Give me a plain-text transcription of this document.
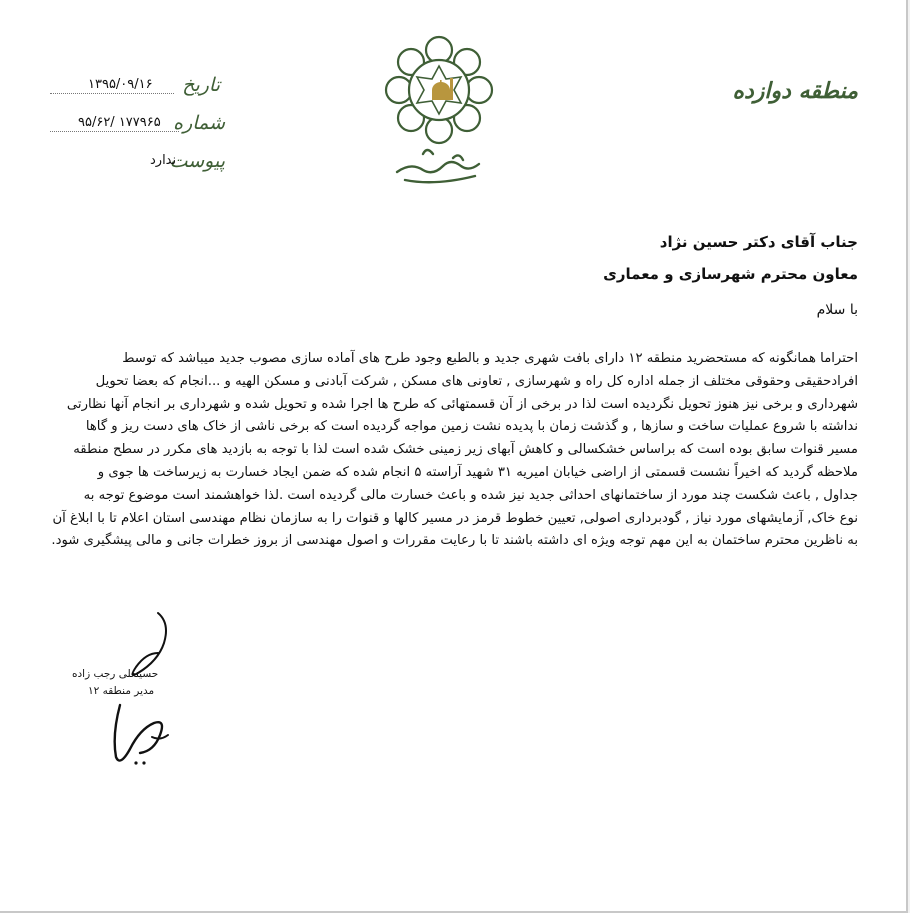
منطقه دوازده
شهرداری مشهد
تاریخ
۱۳۹۵/۰۹/۱۶
شماره
۹۵/۶۲/ ۱۷۷۹۶۵
پیوست
ندارد
جناب آقای دکتر حسین نژاد
معاون محترم شهرسازی و معماری
با سلام

احتراما همانگونه که مستحضرید منطقه ۱۲ دارای بافت شهری جدید و بالطبع وجود طرح های آماده سازی مصوب جدید میباشد که توسط

افرادحقیقی وحقوقی مختلف از جمله اداره کل راه و شهرسازی , تعاونی های مسکن , شرکت آبادنی و مسکن الهیه و ...انجام که بعضا تحویل

شهرداری و برخی نیز هنوز تحویل نگردیده است لذا در برخی از آن قسمتهائی که طرح ها اجرا شده و تحویل شده و شهرداری بر انجام آنها نظارتی

نداشته با شروع عملیات ساخت و سازها , و گذشت زمان با پدیده نشت زمین مواجه گردیده است که برخی ناشی از خاک های دست ریز و گاها

مسیر قنوات سابق بوده است که براساس خشکسالی و کاهش آبهای زیر زمینی خشک شده است لذا با توجه به بازدید های مکرر در سطح منطقه

ملاحظه گردید که اخیراً نشست قسمتی از اراضی خیابان امیریه ۳۱ شهید آراسته ۵ انجام شده که ضمن ایجاد خسارت به زیرساخت ها جوی و

جداول , باعث شکست چند مورد از ساختمانهای احداثی جدید نیز شده و باعث خسارت مالی گردیده است .لذا خواهشمند است موضوع توجه به

نوع خاک, آزمایشهای مورد نیاز , گودبرداری اصولی, تعیین خطوط قرمز در مسیر کالها و قنوات را به سازمان نظام مهندسی استان اعلام تا با ابلاغ آن

به ناظرین محترم ساختمان به این مهم توجه ویژه ای داشته باشند تا با رعایت مقررات و اصول مهندسی از بروز خطرات جانی و مالی پیشگیری شود.

حسینعلی رجب زاده
مدیر منطقه ۱۲
